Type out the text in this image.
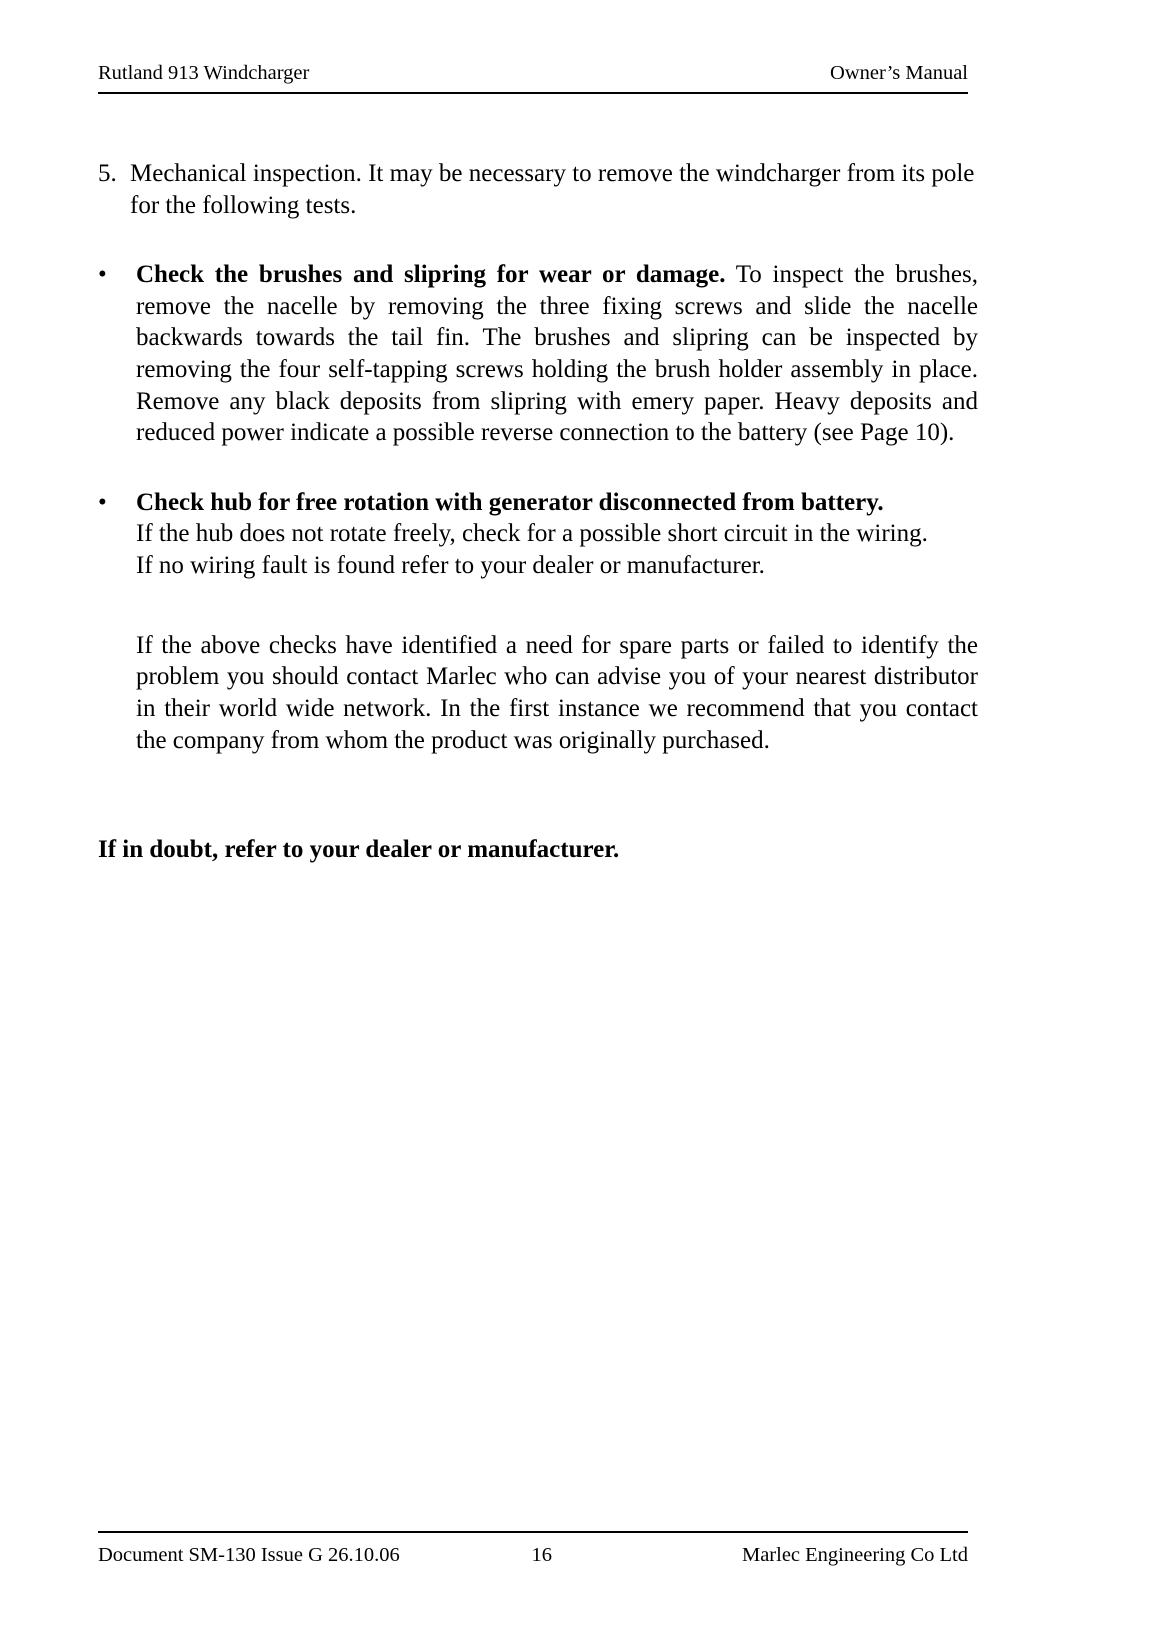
Rutland 913 Windcharger	Owner’s Manual
5. Mechanical inspection. It may be necessary to remove the windcharger from its pole for the following tests.
•	Check the brushes and slipring for wear or damage. To inspect the brushes, remove the nacelle by removing the three fixing screws and slide the nacelle backwards towards the tail fin. The brushes and slipring can be inspected by removing the four self-tapping screws holding the brush holder assembly in place. Remove any black deposits from slipring with emery paper. Heavy deposits and reduced power indicate a possible reverse connection to the battery (see Page 10).
•	Check hub for free rotation with generator disconnected from battery.
If the hub does not rotate freely, check for a possible short circuit in the wiring.
If no wiring fault is found refer to your dealer or manufacturer.
If the above checks have identified a need for spare parts or failed to identify the problem you should contact Marlec who can advise you of your nearest distributor in their world wide network. In the first instance we recommend that you contact the company from whom the product was originally purchased.
If in doubt, refer to your dealer or manufacturer.
Document SM-130 Issue G 26.10.06	16	Marlec Engineering Co Ltd
